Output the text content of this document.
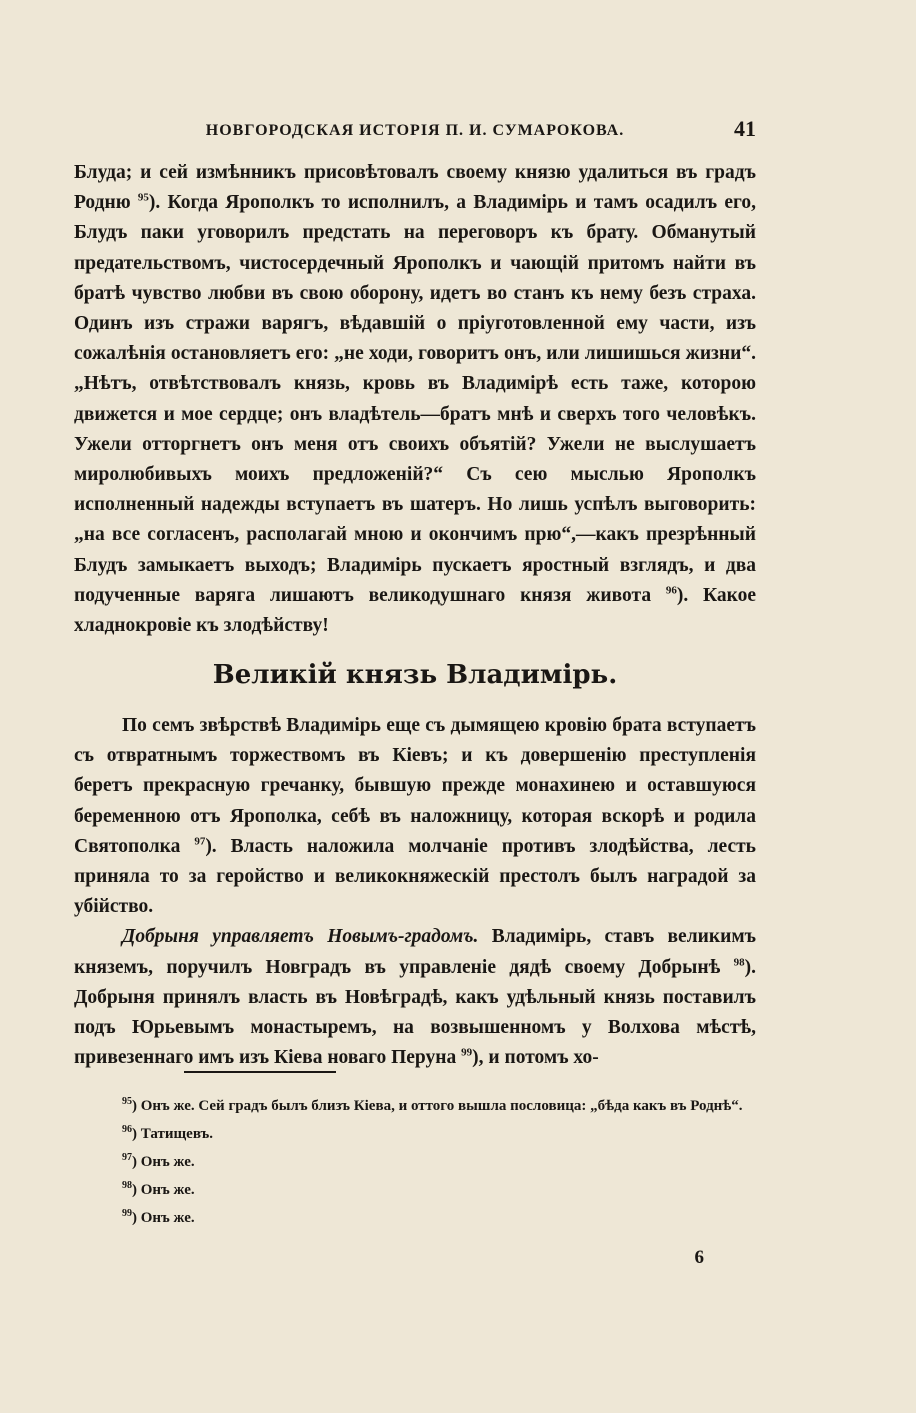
НОВГОРОДСКАЯ ИСТОРІЯ П. И. СУМАРОКОВА.	41

Блуда; и сей измѣнникъ присовѣтовалъ своему князю удалиться въ градъ Родню $^{95}$). Когда Ярополкъ то исполнилъ, а Владимірь и тамъ осадилъ его, Блудъ паки уговорилъ предстать на переговоръ къ брату. Обманутый предательствомъ, чистосердечный Ярополкъ и чающій притомъ найти въ братѣ чувство любви въ свою оборону, идетъ во станъ къ нему безъ страха. Одинъ изъ стражи варягъ, вѣдавшій о пріуготовленной ему части, изъ сожалѣнія остановляетъ его: „не ходи, говоритъ онъ, или лишишься жизни“. „Нѣтъ, отвѣтствовалъ князь, кровь въ Владимірѣ есть таже, которою движется и мое сердце; онъ владѣтель—братъ мнѣ и сверхъ того человѣкъ. Ужели отторгнетъ онъ меня отъ своихъ объятій? Ужели не выслушаетъ миролюбивыхъ моихъ предложеній?“ Съ сею мыслью Ярополкъ исполненный надежды вступаетъ въ шатеръ. Но лишь успѣлъ выговорить: „на все согласенъ, располагай мною и окончимъ прю“,—какъ презрѣнный Блудъ замыкаетъ выходъ; Владимірь пускаетъ яростный взглядъ, и два подученные варяга лишаютъ великодушнаго князя живота $^{96}$). Какое хладнокровіе къ злодѣйству!

Великій князь Владимірь.

По семъ звѣрствѣ Владимірь еще съ дымящею кровію брата вступаетъ съ отвратнымъ торжествомъ въ Кіевъ; и къ довершенію преступленія беретъ прекрасную гречанку, бывшую прежде монахинею и оставшуюся беременною отъ Ярополка, себѣ въ наложницу, которая вскорѣ и родила Святополка $^{97}$). Власть наложила молчаніе противъ злодѣйства, лесть приняла то за геройство и великокняжескій престолъ былъ наградой за убійство.

Добрыня управляетъ Новымъ-градомъ. Владимірь, ставъ великимъ княземъ, поручилъ Новградъ въ управленіе дядѣ своему Добрынѣ $^{98}$). Добрыня принялъ власть въ Новѣградѣ, какъ удѣльный князь поставилъ подъ Юрьевымъ монастыремъ, на возвышенномъ у Волхова мѣстѣ, привезеннаго имъ изъ Кіева новаго Перуна $^{99}$), и потомъ хо-

$^{95}$) Онъ же. Сей градъ былъ близъ Кіева, и оттого вышла пословица: „бѣда какъ въ Роднѣ“.
$^{96}$) Татищевъ.
$^{97}$) Онъ же.
$^{98}$) Онъ же.
$^{99}$) Онъ же.
6
